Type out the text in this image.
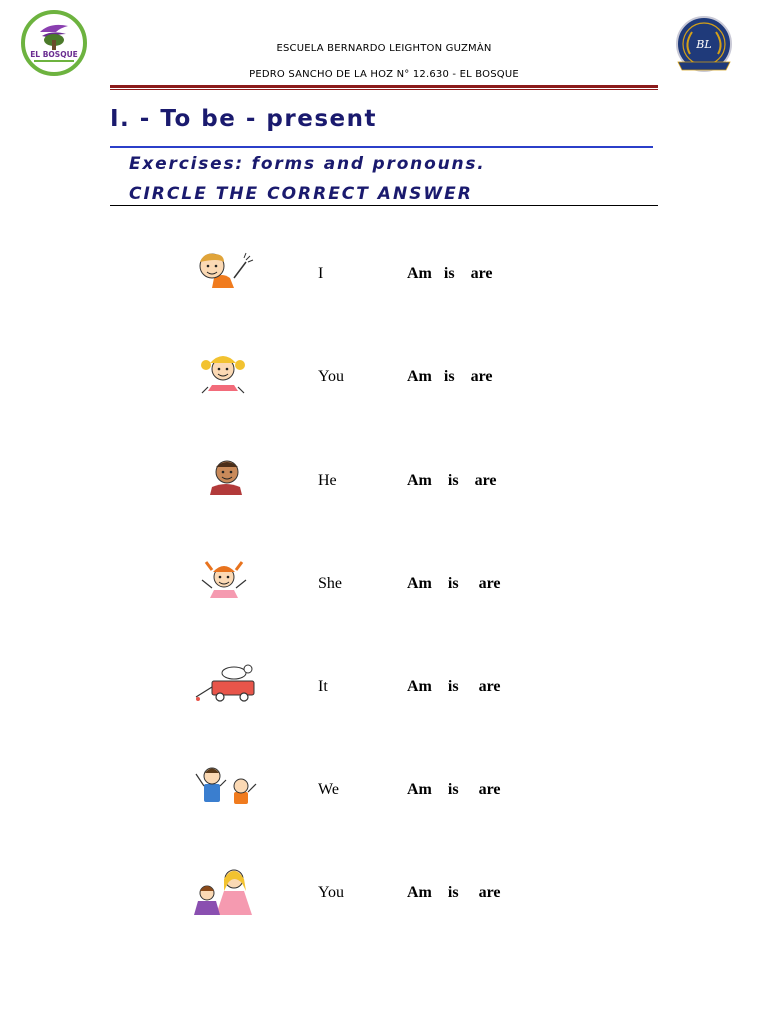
EL BOSQUE
ESCUELA BERNARDO LEIGHTON GUZMÀN
PEDRO SANCHO DE LA HOZ N° 12.630 - EL BOSQUE
BL
I. - To be - present
Exercises: forms and pronouns.
CIRCLE THE CORRECT ANSWER
I	Am is are
You	Am is are
He	Am is are
She	Am is are
It	Am is are
We	Am is are
You	Am is are
